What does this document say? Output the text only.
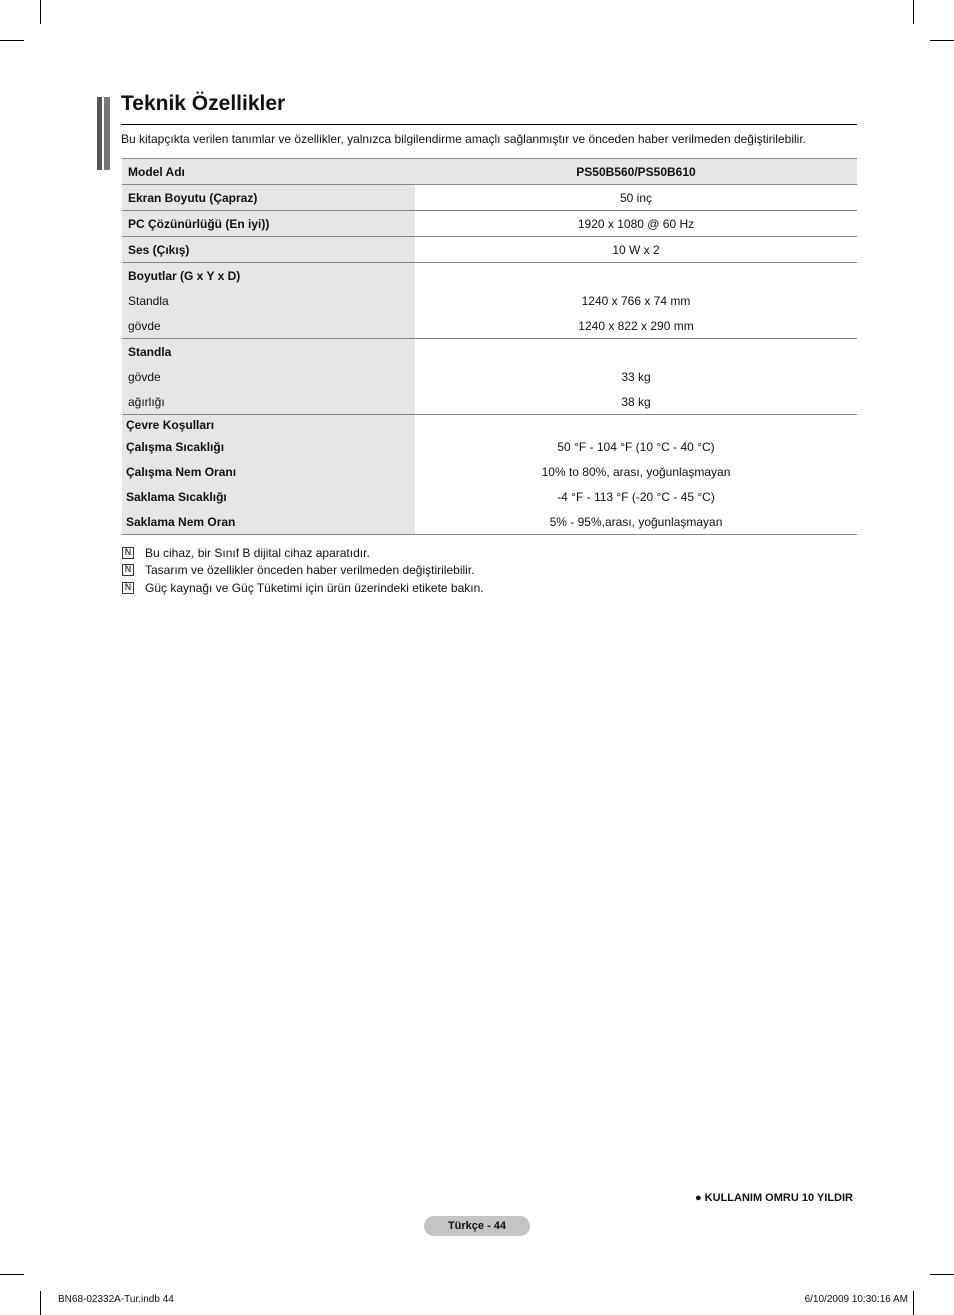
Teknik Özellikler
Bu kitapçıkta verilen tanımlar ve özellikler, yalnızca bilgilendirme amaçlı sağlanmıştır ve önceden haber verilmeden değiştirilebilir.
Model Adı	PS50B560/PS50B610
Ekran Boyutu (Çapraz)	50 inç
PC Çözünürlüğü (En iyi))	1920 x 1080 @ 60 Hz
Ses (Çıkış)	10 W x 2
Boyutlar (G x Y x D)	
Standla	1240 x 766 x 74 mm
gövde	1240 x 822 x 290 mm
Standla	
gövde	33 kg
ağırlığı	38 kg
Çevre Koşulları	
Çalışma Sıcaklığı	50 °F - 104 °F (10 °C - 40 °C)
Çalışma Nem Oranı	10% to 80%, arası, yoğunlaşmayan
Saklama Sıcaklığı	-4 °F - 113 °F (-20 °C - 45 °C)
Saklama Nem Oran	5% - 95%,arası, yoğunlaşmayan
N Bu cihaz, bir Sınıf B dijital cihaz aparatıdır.
N Tasarım ve özellikler önceden haber verilmeden değiştirilebilir.
N Güç kaynağı ve Güç Tüketimi için ürün üzerindeki etikete bakın.
● KULLANIM OMRU 10 YILDIR
Türkçe - 44
BN68-02332A-Tur.indb 44	6/10/2009 10:30:16 AM
